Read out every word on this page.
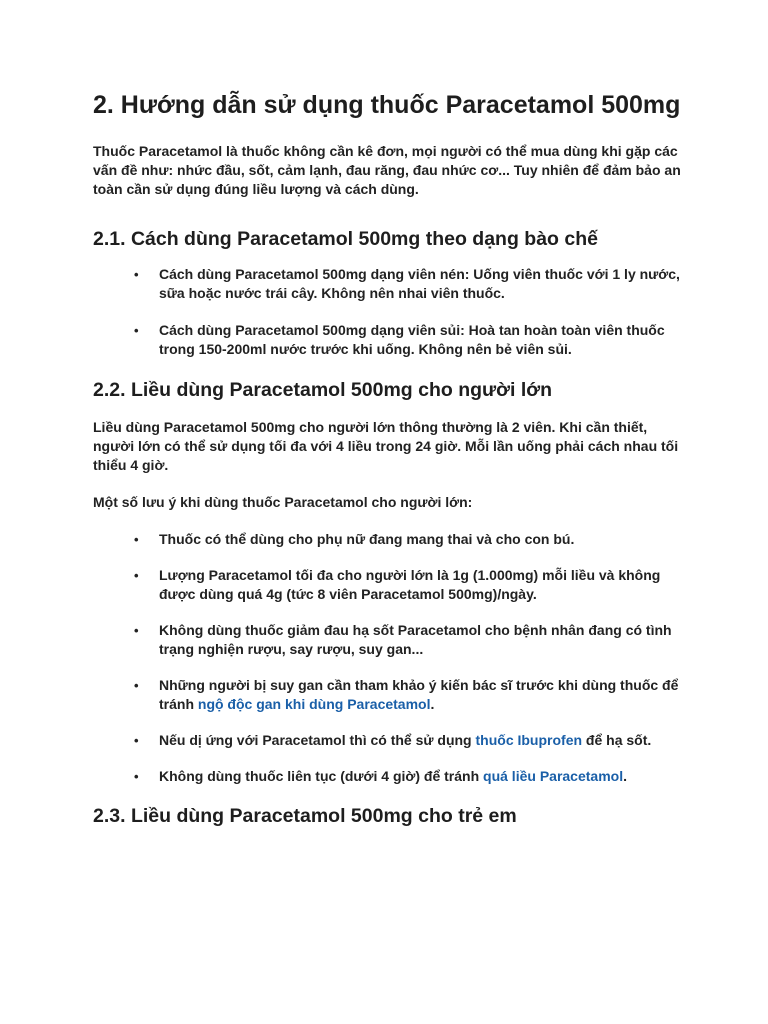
2. Hướng dẫn sử dụng thuốc Paracetamol 500mg

Thuốc Paracetamol là thuốc không cần kê đơn, mọi người có thể mua dùng khi gặp các vấn đề như: nhức đầu, sốt, cảm lạnh, đau răng, đau nhức cơ... Tuy nhiên để đảm bảo an toàn cần sử dụng đúng liều lượng và cách dùng.

2.1. Cách dùng Paracetamol 500mg theo dạng bào chế
• Cách dùng Paracetamol 500mg dạng viên nén: Uống viên thuốc với 1 ly nước, sữa hoặc nước trái cây. Không nên nhai viên thuốc.
• Cách dùng Paracetamol 500mg dạng viên sủi: Hoà tan hoàn toàn viên thuốc trong 150-200ml nước trước khi uống. Không nên bẻ viên sủi.
2.2. Liều dùng Paracetamol 500mg cho người lớn

Liều dùng Paracetamol 500mg cho người lớn thông thường là 2 viên. Khi cần thiết, người lớn có thể sử dụng tối đa với 4 liều trong 24 giờ. Mỗi lần uống phải cách nhau tối thiểu 4 giờ.

Một số lưu ý khi dùng thuốc Paracetamol cho người lớn:

• Thuốc có thể dùng cho phụ nữ đang mang thai và cho con bú.
• Lượng Paracetamol tối đa cho người lớn là 1g (1.000mg) mỗi liều và không được dùng quá 4g (tức 8 viên Paracetamol 500mg)/ngày.
• Không dùng thuốc giảm đau hạ sốt Paracetamol cho bệnh nhân đang có tình trạng nghiện rượu, say rượu, suy gan...
• Những người bị suy gan cần tham khảo ý kiến bác sĩ trước khi dùng thuốc để tránh ngộ độc gan khi dùng Paracetamol.
• Nếu dị ứng với Paracetamol thì có thể sử dụng thuốc Ibuprofen để hạ sốt.
• Không dùng thuốc liên tục (dưới 4 giờ) để tránh quá liều Paracetamol.
2.3. Liều dùng Paracetamol 500mg cho trẻ em
